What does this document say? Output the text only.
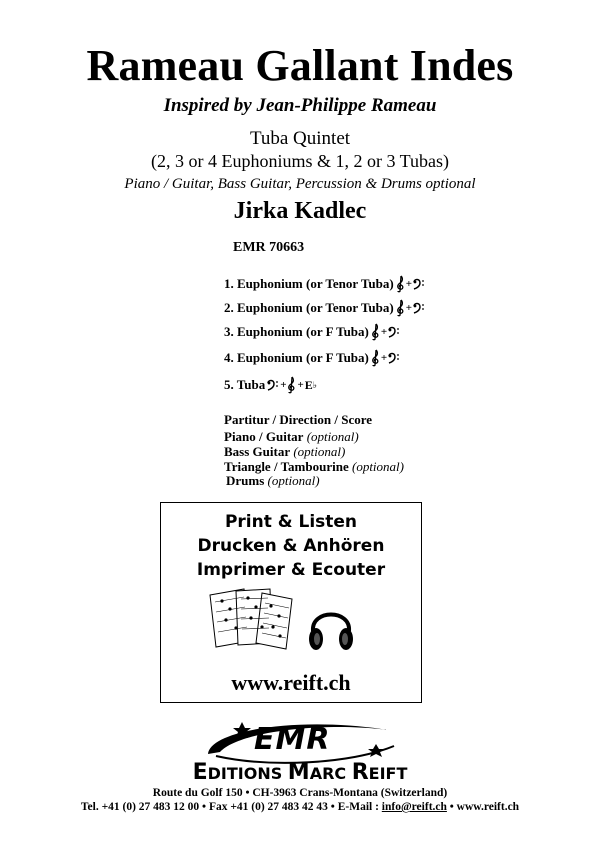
Rameau Gallant Indes
Inspired by Jean-Philippe Rameau
Tuba Quintet
(2, 3 or 4 Euphoniums & 1, 2 or 3 Tubas)
Piano / Guitar, Bass Guitar, Percussion & Drums optional
Jirka Kadlec
EMR 70663
1. Euphonium (or Tenor Tuba) +
2. Euphonium (or Tenor Tuba) +
3. Euphonium (or F Tuba) +
4. Euphonium (or F Tuba) +
5. Tuba + + E ♭
Partitur / Direction / Score
Piano / Guitar (optional)
Bass Guitar (optional)
Triangle / Tambourine (optional)
Drums (optional)
Print & Listen
Drucken & Anhören
Imprimer & Ecouter
www.reift.ch
EMR
EDITIONS MARC REIFT
Route du Golf 150 • CH-3963 Crans-Montana (Switzerland)
Tel. +41 (0) 27 483 12 00 • Fax +41 (0) 27 483 42 43 • E-Mail : info@reift.ch • www.reift.ch
